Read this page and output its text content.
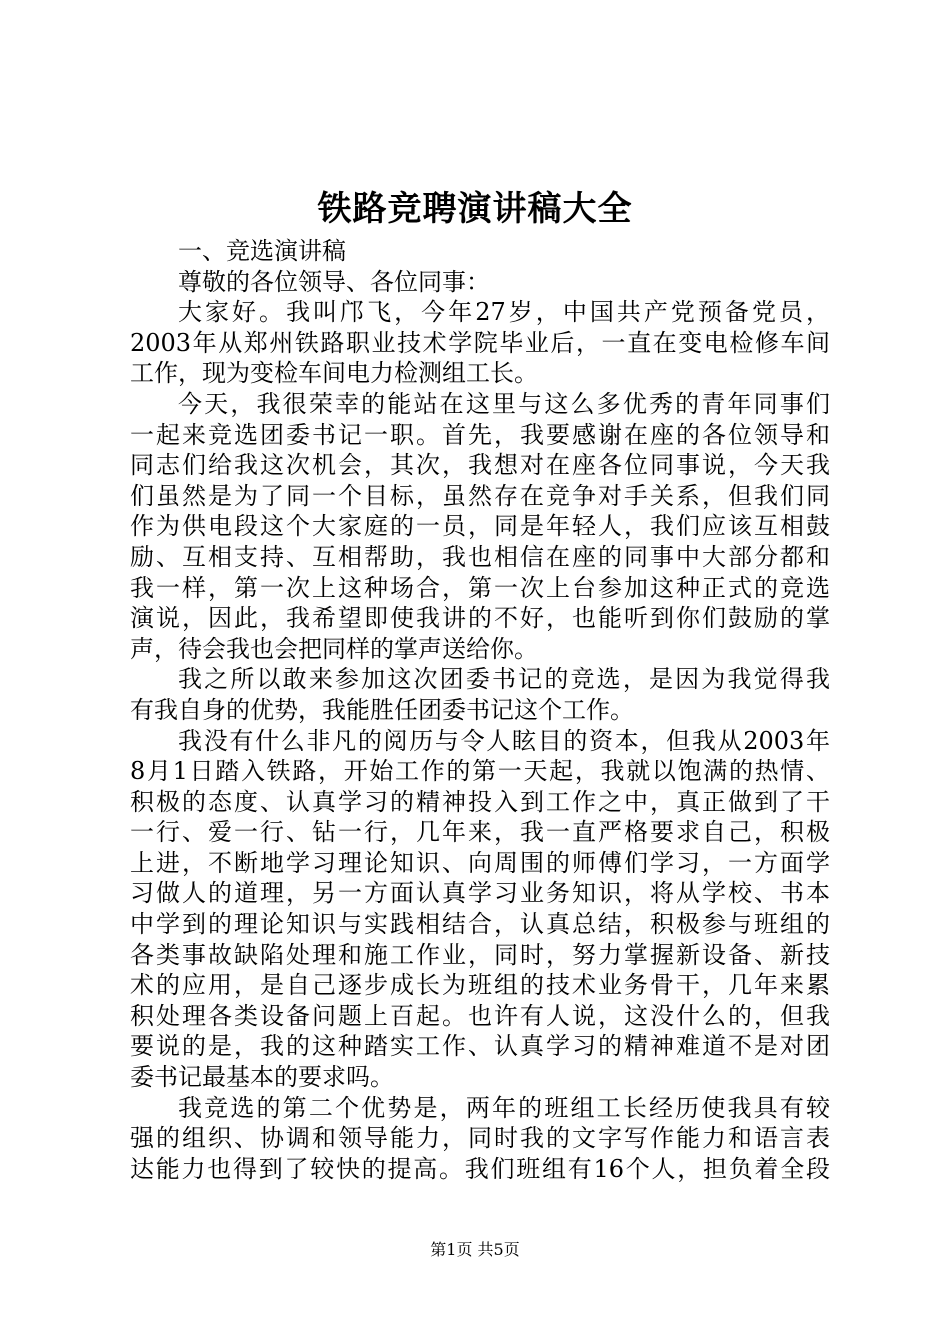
铁路竞聘演讲稿大全
一、竞选演讲稿
尊敬的各位领导、各位同事：
大家好。我叫邝飞，今年27岁，中国共产党预备党员，
2003年从郑州铁路职业技术学院毕业后，一直在变电检修车间
工作，现为变检车间电力检测组工长。
今天，我很荣幸的能站在这里与这么多优秀的青年同事们
一起来竞选团委书记一职。首先，我要感谢在座的各位领导和
同志们给我这次机会，其次，我想对在座各位同事说，今天我
们虽然是为了同一个目标，虽然存在竞争对手关系，但我们同
作为供电段这个大家庭的一员，同是年轻人，我们应该互相鼓
励、互相支持、互相帮助，我也相信在座的同事中大部分都和
我一样，第一次上这种场合，第一次上台参加这种正式的竞选
演说，因此，我希望即使我讲的不好，也能听到你们鼓励的掌
声，待会我也会把同样的掌声送给你。
我之所以敢来参加这次团委书记的竞选，是因为我觉得我
有我自身的优势，我能胜任团委书记这个工作。
我没有什么非凡的阅历与令人眩目的资本，但我从2003年
8月1日踏入铁路，开始工作的第一天起，我就以饱满的热情、
积极的态度、认真学习的精神投入到工作之中，真正做到了干
一行、爱一行、钻一行，几年来，我一直严格要求自己，积极
上进，不断地学习理论知识、向周围的师傅们学习，一方面学
习做人的道理，另一方面认真学习业务知识，将从学校、书本
中学到的理论知识与实践相结合，认真总结，积极参与班组的
各类事故缺陷处理和施工作业，同时，努力掌握新设备、新技
术的应用，是自己逐步成长为班组的技术业务骨干，几年来累
积处理各类设备问题上百起。也许有人说，这没什么的，但我
要说的是，我的这种踏实工作、认真学习的精神难道不是对团
委书记最基本的要求吗。
我竞选的第二个优势是，两年的班组工长经历使我具有较
强的组织、协调和领导能力，同时我的文字写作能力和语言表
达能力也得到了较快的提高。我们班组有16个人，担负着全段
第1页 共5页
